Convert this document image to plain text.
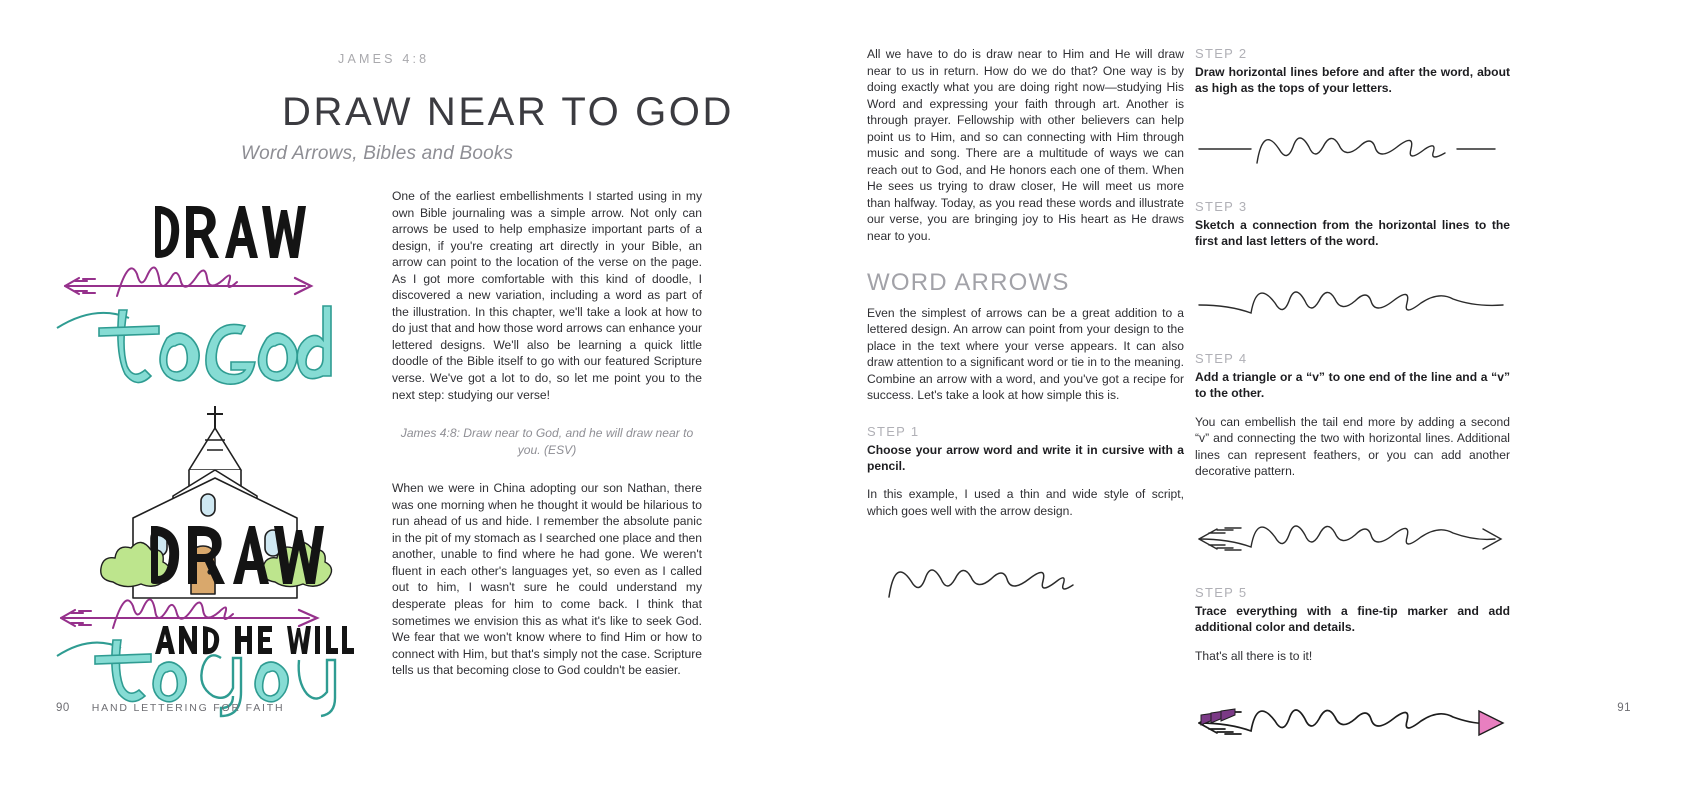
JAMES 4:8
DRAW NEAR TO GOD
Word Arrows, Bibles and Books

One of the earliest embellishments I started using in my own Bible journaling was a simple arrow. Not only can arrows be used to help emphasize important parts of a design, if you're creating art directly in your Bible, an arrow can point to the location of the verse on the page. As I got more comfortable with this kind of doodle, I discovered a new variation, including a word as part of the illustration. In this chapter, we'll take a look at how to do just that and how those word arrows can enhance your lettered designs. We'll also be learning a quick little doodle of the Bible itself to go with our featured Scripture verse. We've got a lot to do, so let me point you to the next step: studying our verse!

James 4:8: Draw near to God, and he will draw near to you. (ESV)

When we were in China adopting our son Nathan, there was one morning when he thought it would be hilarious to run ahead of us and hide. I remember the absolute panic in the pit of my stomach as I searched one place and then another, unable to find where he had gone. We weren't fluent in each other's languages yet, so even as I called out to him, I wasn't sure he could understand my desperate pleas for him to come back. I think that sometimes we envision this as what it's like to seek God. We fear that we won't know where to find Him or how to connect with Him, but that's simply not the case. Scripture tells us that becoming close to God couldn't be easier.

90 HAND LETTERING FOR FAITH

All we have to do is draw near to Him and He will draw near to us in return. How do we do that? One way is by doing exactly what you are doing right now—studying His Word and expressing your faith through art. Another is through prayer. Fellowship with other believers can help point us to Him, and so can connecting with Him through music and song. There are a multitude of ways we can reach out to God, and He honors each one of them. When He sees us trying to draw closer, He will meet us more than halfway. Today, as you read these words and illustrate our verse, you are bringing joy to His heart as He draws near to you.

WORD ARROWS

Even the simplest of arrows can be a great addition to a lettered design. An arrow can point from your design to the place in the text where your verse appears. It can also draw attention to a significant word or tie in to the meaning. Combine an arrow with a word, and you've got a recipe for success. Let's take a look at how simple this is.

STEP 1

Choose your arrow word and write it in cursive with a pencil.

In this example, I used a thin and wide style of script, which goes well with the arrow design.

STEP 2

Draw horizontal lines before and after the word, about as high as the tops of your letters.

STEP 3

Sketch a connection from the horizontal lines to the first and last letters of the word.

STEP 4

Add a triangle or a “v” to one end of the line and a “v” to the other.

You can embellish the tail end more by adding a second “v” and connecting the two with horizontal lines. Additional lines can represent feathers, or you can add another decorative pattern.

STEP 5

Trace everything with a fine-tip marker and add additional color and details.

That's all there is to it!

91
